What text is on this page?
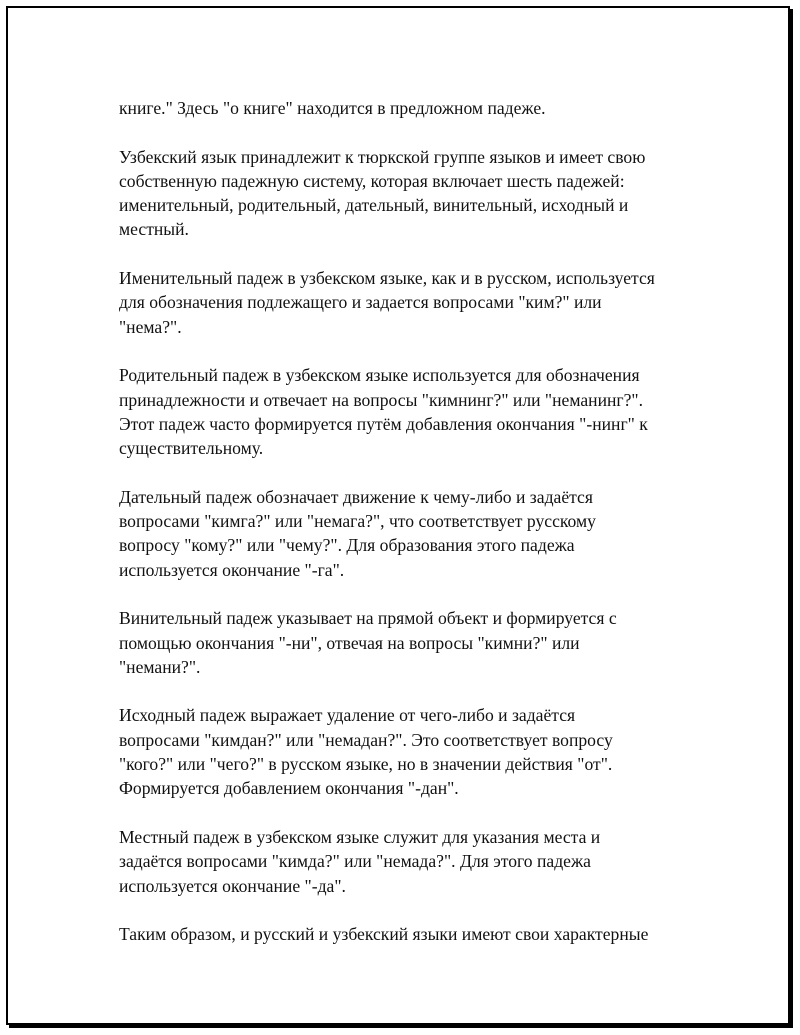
книге." Здесь "о книге" находится в предложном падеже.

Узбекский язык принадлежит к тюркской группе языков и имеет свою
собственную падежную систему, которая включает шесть падежей:
именительный, родительный, дательный, винительный, исходный и
местный.

Именительный падеж в узбекском языке, как и в русском, используется
для обозначения подлежащего и задается вопросами "ким?" или
"нема?".

Родительный падеж в узбекском языке используется для обозначения
принадлежности и отвечает на вопросы "кимнинг?" или "неманинг?".
Этот падеж часто формируется путём добавления окончания "-нинг" к
существительному.

Дательный падеж обозначает движение к чему-либо и задаётся
вопросами "кимга?" или "немага?", что соответствует русскому
вопросу "кому?" или "чему?". Для образования этого падежа
используется окончание "-га".

Винительный падеж указывает на прямой объект и формируется с
помощью окончания "-ни", отвечая на вопросы "кимни?" или
"немани?".

Исходный падеж выражает удаление от чего-либо и задаётся
вопросами "кимдан?" или "немадан?". Это соответствует вопросу
"кого?" или "чего?" в русском языке, но в значении действия "от".
Формируется добавлением окончания "-дан".

Местный падеж в узбекском языке служит для указания места и
задаётся вопросами "кимда?" или "немада?". Для этого падежа
используется окончание "-да".

Таким образом, и русский и узбекский языки имеют свои характерные
